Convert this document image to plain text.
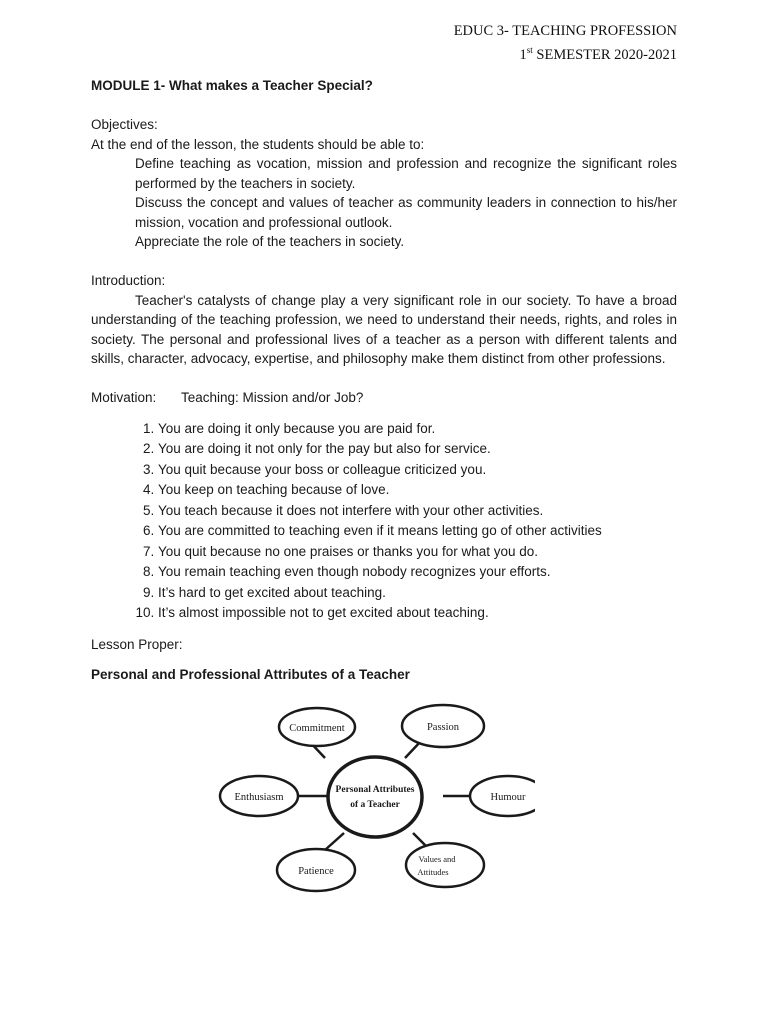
EDUC 3- TEACHING PROFESSION
1st SEMESTER 2020-2021
MODULE 1- What makes a Teacher Special?
Objectives:
At the end of the lesson, the students should be able to:
Define teaching as vocation, mission and profession and recognize the significant roles performed by the teachers in society.
Discuss the concept and values of teacher as community leaders in connection to his/her mission, vocation and professional outlook.
Appreciate the role of the teachers in society.
Introduction:
Teacher's catalysts of change play a very significant role in our society. To have a broad understanding of the teaching profession, we need to understand their needs, rights, and roles in society. The personal and professional lives of a teacher as a person with different talents and skills, character, advocacy, expertise, and philosophy make them distinct from other professions.
Motivation:	Teaching: Mission and/or Job?
1. You are doing it only because you are paid for.
2. You are doing it not only for the pay but also for service.
3. You quit because your boss or colleague criticized you.
4. You keep on teaching because of love.
5. You teach because it does not interfere with your other activities.
6. You are committed to teaching even if it means letting go of other activities
7. You quit because no one praises or thanks you for what you do.
8. You remain teaching even though nobody recognizes your efforts.
9. It’s hard to get excited about teaching.
10. It’s almost impossible not to get excited about teaching.
Lesson Proper:
Personal and Professional Attributes of a Teacher
Personal Attributes
of a Teacher
Commitment	Passion
Enthusiasm	Humour
Patience
Values and
Attitudes
